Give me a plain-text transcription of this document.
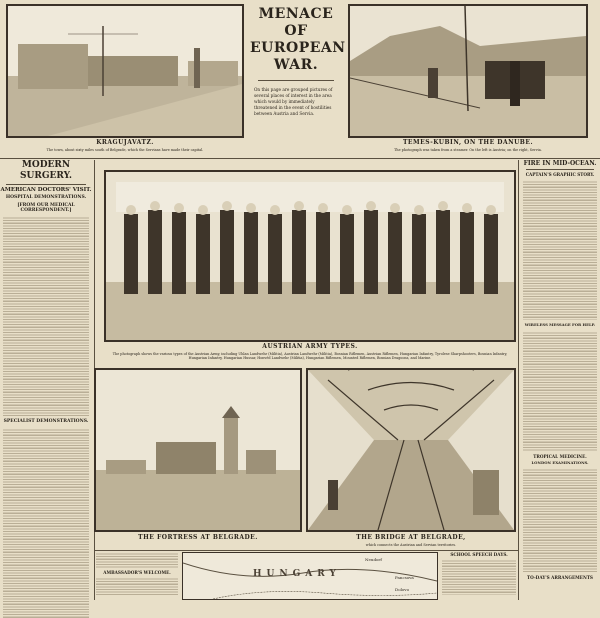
KRAGUJAVATZ.
The town, about sixty miles south of Belgrade, which the Servians have made their capital.
MENACE OF EUROPEAN WAR.
On this page are grouped pictures of several places of interest in the area which would by immediately threatened in the event of hostilities between Austria and Servia.
TEMES-KUBIN, ON THE DANUBE.
The photograph was taken from a steamer. On the left is Austria; on the right, Servia.
MODERN SURGERY.
AMERICAN DOCTORS' VISIT.
HOSPITAL DEMONSTRATIONS.
[FROM OUR MEDICAL CORRESPONDENT.]
SPECIALIST DEMONSTRATIONS.
AUSTRIAN ARMY TYPES.
The photograph shows the various types of the Austrian Army, including Uhlan Landwehr (Militia), Austrian Landwehr (Militia), Bosnian Riflemen, Austrian Riflemen, Hungarian Infantry, Tyrolese Sharpshooters, Bosnian Infantry, Hungarian Infantry, Hungarian Hussar, Honvéd Landwehr (Militia), Hungarian Riflemen, Mounted Riflemen, Bosnian Dragoons, and Marine.
THE FORTRESS AT BELGRADE.	THE BRIDGE AT BELGRADE,
which connects the Austrian and Servian territories.
FIRE IN MID-OCEAN.
CAPTAIN'S GRAPHIC STORY.
WIRELESS MESSAGE FOR HELP.
TROPICAL MEDICINE.
LONDON EXAMINATIONS.
TO-DAY'S ARRANGEMENTS
AMBASSADOR'S WELCOME.	HUNGARY
Neudorf
Pancsova
Dolovo
SCHOOL SPEECH DAYS.
